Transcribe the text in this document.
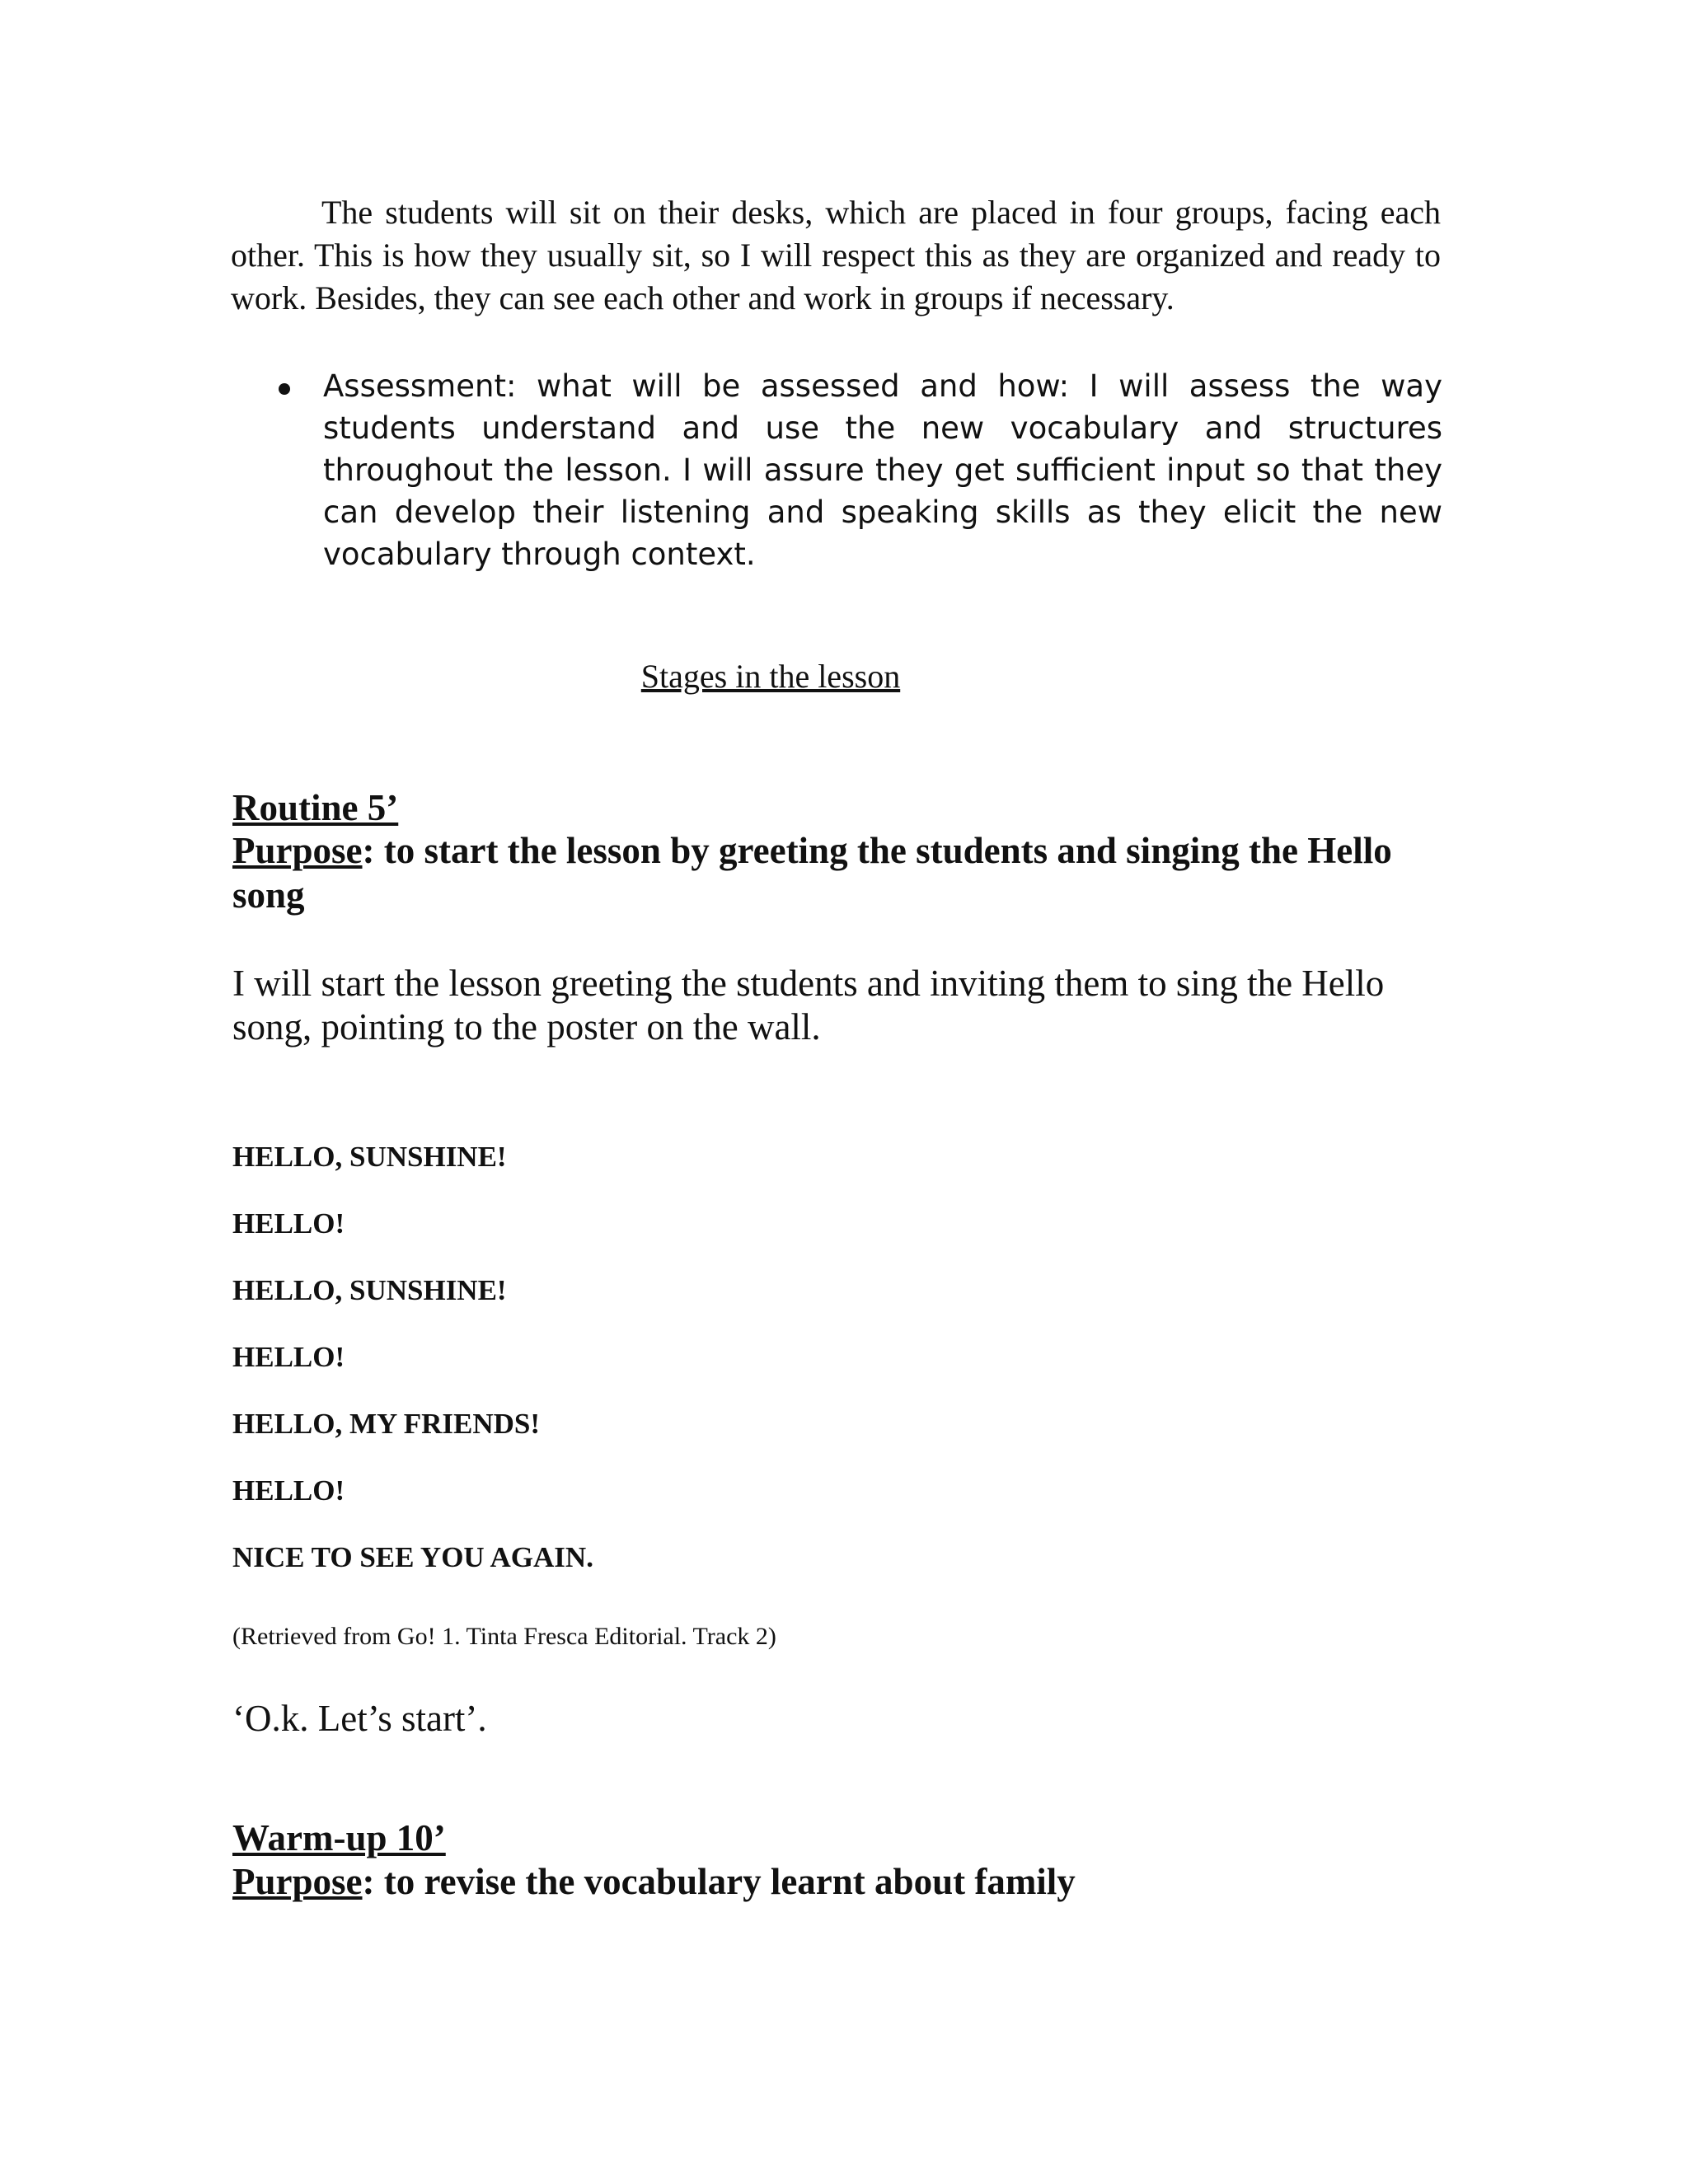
The students will sit on their desks, which are placed in four groups, facing each other. This is how they usually sit, so I will respect this as they are organized and ready to work. Besides, they can see each other and work in groups if necessary.

Assessment: what will be assessed and how: I will assess the way students understand and use the new vocabulary and structures throughout the lesson. I will assure they get sufficient input so that they can develop their listening and speaking skills as they elicit the new vocabulary through context.

Stages in the lesson

Routine 5’

Purpose: to start the lesson by greeting the students and singing the Hello song

I will start the lesson greeting the students and inviting them to sing the Hello song, pointing to the poster on the wall.

HELLO, SUNSHINE!
HELLO!
HELLO, SUNSHINE!
HELLO!
HELLO, MY FRIENDS!
HELLO!
NICE TO SEE YOU AGAIN.

(Retrieved from Go! 1. Tinta Fresca Editorial. Track 2)

‘O.k. Let’s start’.

Warm-up 10’

Purpose: to revise the vocabulary learnt about family
